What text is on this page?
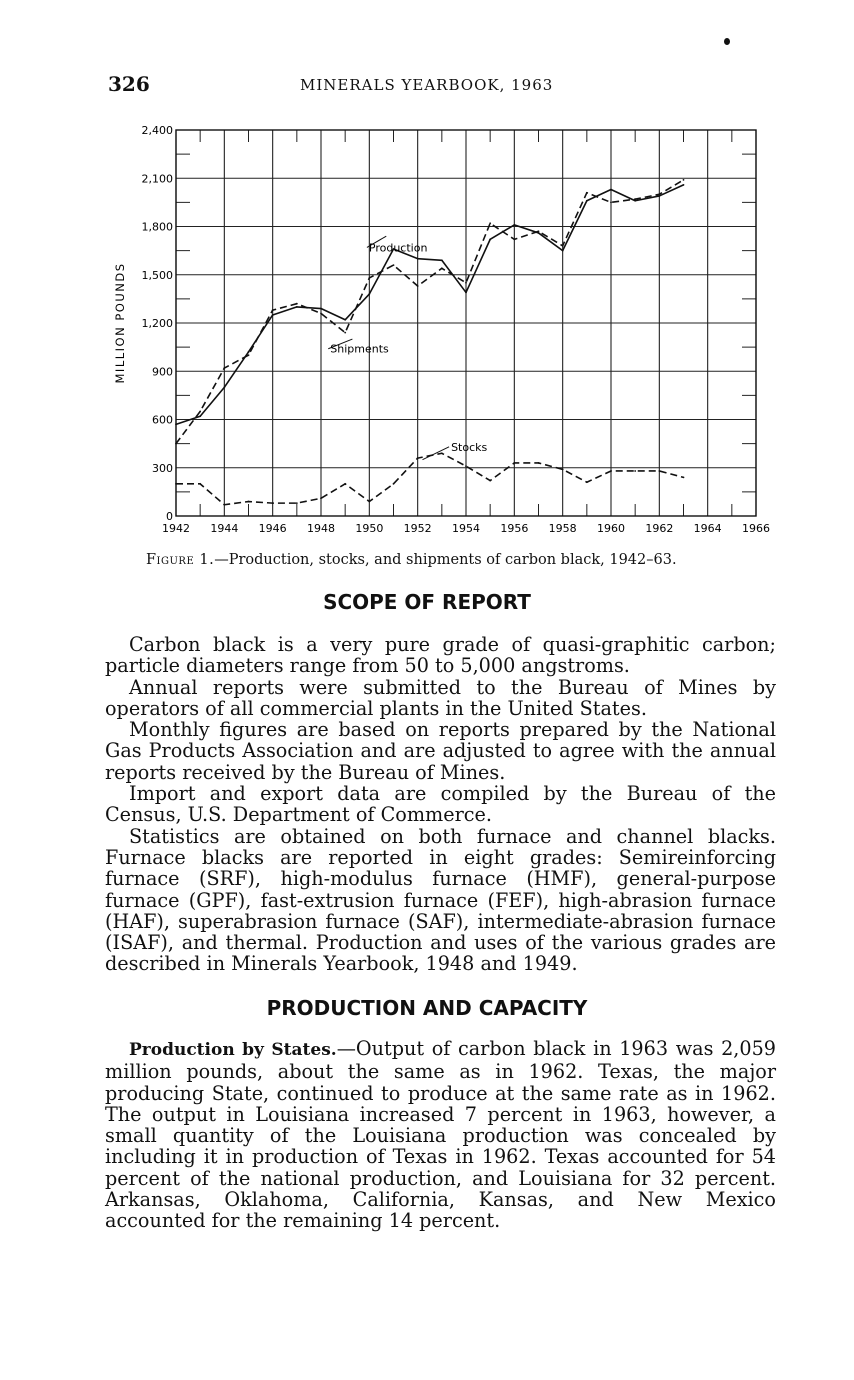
326	MINERALS YEARBOOK, 1963
1942 1944 1946 1948 1950 1952 1954 1956 1958 1960 1962 1964 1966
0
300
600
900
1,200
1,500
1,800
2,100
2,400
MILLION POUNDS
Production
Shipments
Stocks
Figure 1.—Production, stocks, and shipments of carbon black, 1942–63.
SCOPE OF REPORT

Carbon black is a very pure grade of quasi-graphitic carbon; particle diameters range from 50 to 5,000 angstroms.

Annual reports were submitted to the Bureau of Mines by operators of all commercial plants in the United States.

Monthly figures are based on reports prepared by the National Gas Products Association and are adjusted to agree with the annual reports received by the Bureau of Mines.

Import and export data are compiled by the Bureau of the Census, U.S. Department of Commerce.

Statistics are obtained on both furnace and channel blacks. Furnace blacks are reported in eight grades: Semireinforcing furnace (SRF), high-modulus furnace (HMF), general-purpose furnace (GPF), fast-extrusion furnace (FEF), high-abrasion furnace (HAF), superabrasion furnace (SAF), intermediate-abrasion furnace (ISAF), and thermal. Production and uses of the various grades are described in Minerals Yearbook, 1948 and 1949.

PRODUCTION AND CAPACITY

Production by States.—Output of carbon black in 1963 was 2,059 million pounds, about the same as in 1962. Texas, the major producing State, continued to produce at the same rate as in 1962. The output in Louisiana increased 7 percent in 1963, however, a small quantity of the Louisiana production was concealed by including it in production of Texas in 1962. Texas accounted for 54 percent of the national production, and Louisiana for 32 percent. Arkansas, Oklahoma, California, Kansas, and New Mexico accounted for the remaining 14 percent.
